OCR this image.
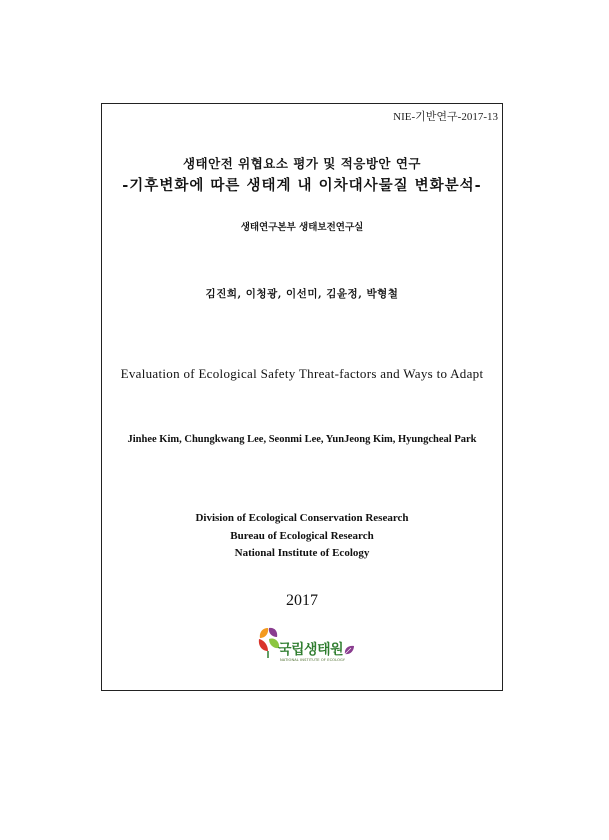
NIE-기반연구-2017-13
생태안전 위협요소 평가 및 적응방안 연구
-기후변화에 따른 생태계 내 이차대사물질 변화분석-
생태연구본부 생태보전연구실
김진희, 이청광, 이선미, 김윤정, 박형철
Evaluation of Ecological Safety Threat-factors and Ways to Adapt
Jinhee Kim, Chungkwang Lee, Seonmi Lee, YunJeong Kim, Hyungcheal Park
Division of Ecological Conservation Research
Bureau of Ecological Research
National Institute of Ecology
2017
국립생태원
NATIONAL INSTITUTE OF ECOLOGY
